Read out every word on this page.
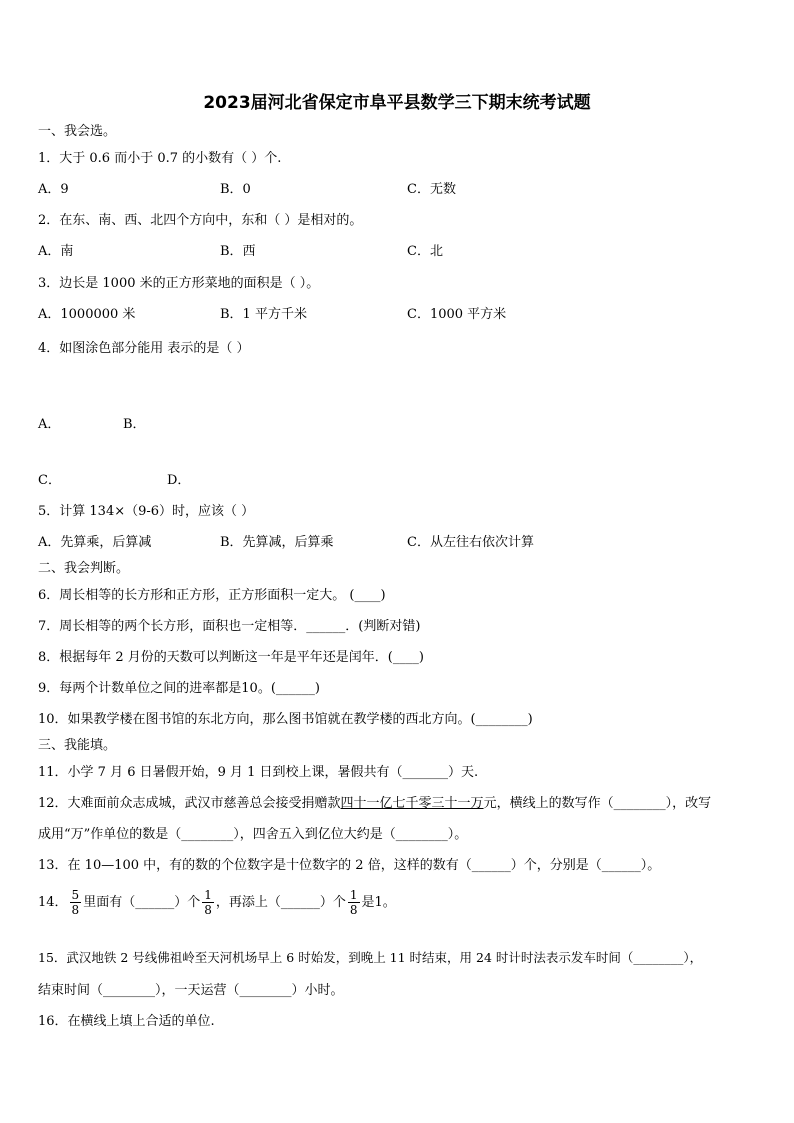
2023届河北省保定市阜平县数学三下期末统考试题
一、我会选。
1．大于 0.6 而小于 0.7 的小数有（ ）个.
A．9	B．0	C．无数
2．在东、南、西、北四个方向中，东和（ ）是相对的。
A．南	B．西	C．北
3．边长是 1000 米的正方形菜地的面积是（ ）。
A．1000000 米	B．1 平方千米	C．1000 平方米
4．如图涂色部分能用 表示的是（ ）
A．	B．
C．	D．
5．计算 134×（9-6）时，应该（ ）
A．先算乘，后算减	B．先算减，后算乘	C．从左往右依次计算
二、我会判断。
6．周长相等的长方形和正方形，正方形面积一定大。 (____)
7．周长相等的两个长方形，面积也一定相等．______．(判断对错)
8．根据每年 2 月份的天数可以判断这一年是平年还是闰年．(____)
9．每两个计数单位之间的进率都是10。(______)
10．如果教学楼在图书馆的东北方向，那么图书馆就在教学楼的西北方向。(________)
三、我能填。
11．小学 7 月 6 日暑假开始，9 月 1 日到校上课，暑假共有（_______）天.
12．大难面前众志成城，武汉市慈善总会接受捐赠款四十一亿七千零三十一万元，横线上的数写作（________），改写
成用“万”作单位的数是（________），四舍五入到亿位大约是（________）。
13．在 10—100 中，有的数的个位数字是十位数字的 2 倍，这样的数有（______）个，分别是（______）。
14． $\frac{5}{8}$ 里面有（______）个 $\frac{1}{8}$ ，再添上（______）个 $\frac{1}{8}$ 是1。
15．武汉地铁 2 号线佛祖岭至天河机场早上 6 时始发，到晚上 11 时结束，用 24 时计时法表示发车时间（________），
结束时间（________），一天运营（________）小时。
16．在横线上填上合适的单位.
